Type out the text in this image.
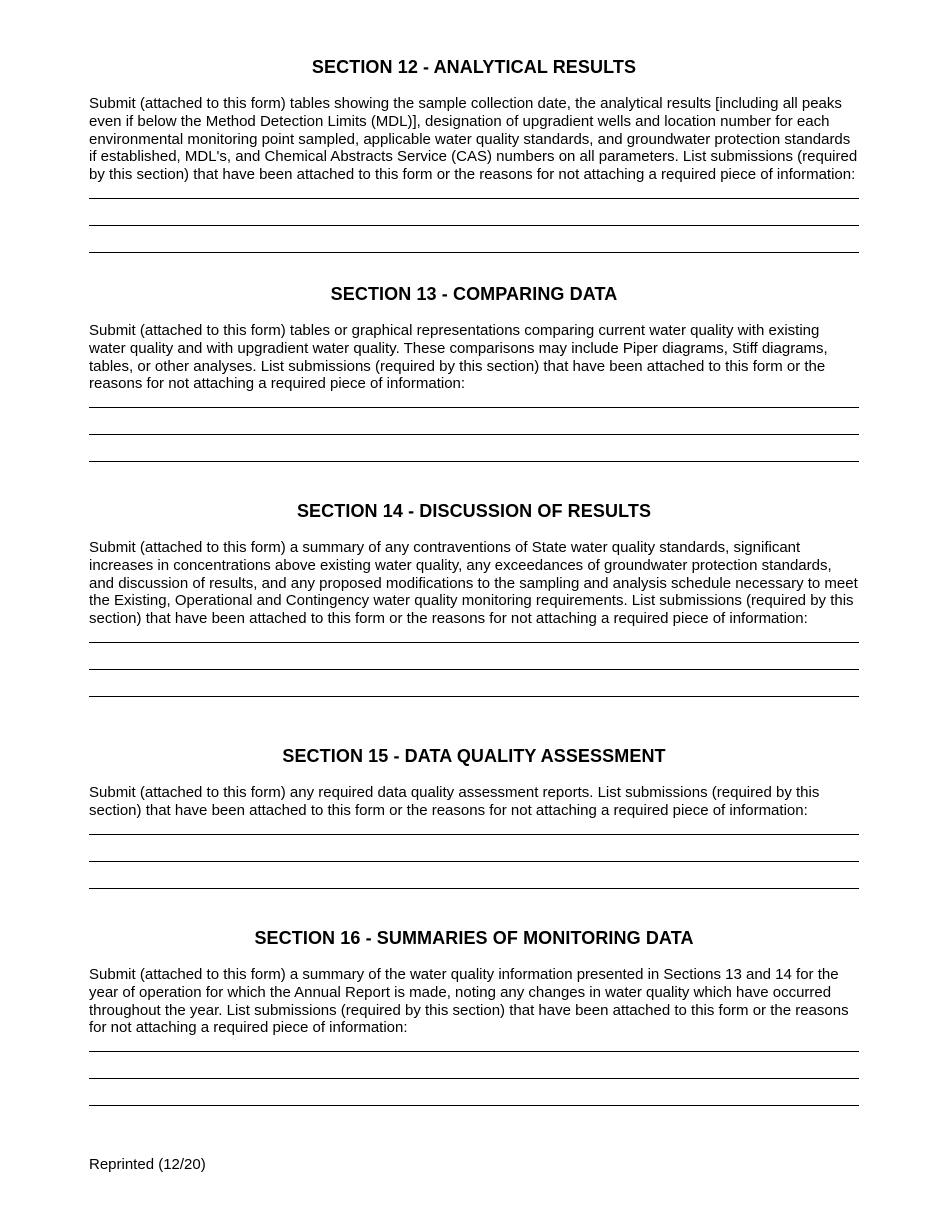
SECTION 12 - ANALYTICAL RESULTS

Submit (attached to this form) tables showing the sample collection date, the analytical results [including all peaks even if below the Method Detection Limits (MDL)], designation of upgradient wells and location number for each environmental monitoring point sampled, applicable water quality standards, and groundwater protection standards if established, MDL's, and Chemical Abstracts Service (CAS) numbers on all parameters. List submissions (required by this section) that have been attached to this form or the reasons for not attaching a required piece of information:

SECTION 13 - COMPARING DATA

Submit (attached to this form) tables or graphical representations comparing current water quality with existing water quality and with upgradient water quality. These comparisons may include Piper diagrams, Stiff diagrams, tables, or other analyses. List submissions (required by this section) that have been attached to this form or the reasons for not attaching a required piece of information:

SECTION 14 - DISCUSSION OF RESULTS

Submit (attached to this form) a summary of any contraventions of State water quality standards, significant increases in concentrations above existing water quality, any exceedances of groundwater protection standards, and discussion of results, and any proposed modifications to the sampling and analysis schedule necessary to meet the Existing, Operational and Contingency water quality monitoring requirements. List submissions (required by this section) that have been attached to this form or the reasons for not attaching a required piece of information:

SECTION 15 - DATA QUALITY ASSESSMENT

Submit (attached to this form) any required data quality assessment reports. List submissions (required by this section) that have been attached to this form or the reasons for not attaching a required piece of information:

SECTION 16 - SUMMARIES OF MONITORING DATA

Submit (attached to this form) a summary of the water quality information presented in Sections 13 and 14 for the year of operation for which the Annual Report is made, noting any changes in water quality which have occurred throughout the year. List submissions (required by this section) that have been attached to this form or the reasons for not attaching a required piece of information:

Reprinted (12/20)
